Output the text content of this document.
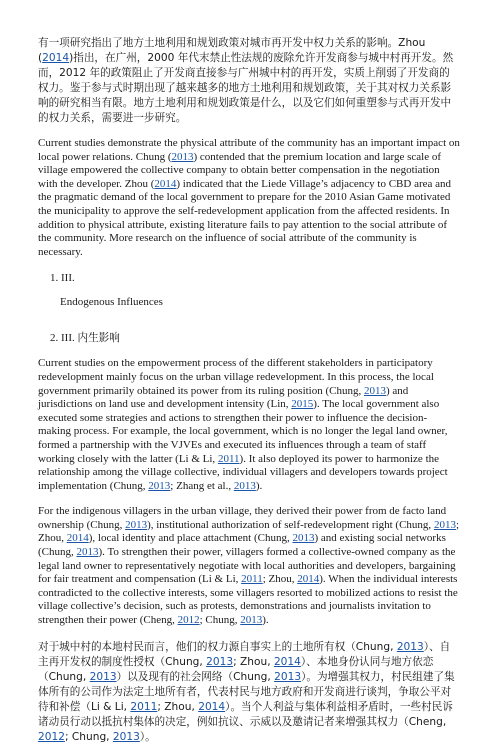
有一项研究指出了地方土地利用和规划政策对城市再开发中权力关系的影响。Zhou (2014)指出，在广州，2000 年代末禁止性法规的废除允许开发商参与城中村再开发。然而，2012 年的政策阻止了开发商直接参与广州城中村的再开发，实质上削弱了开发商的权力。鉴于参与式时期出现了越来越多的地方土地利用和规划政策，关于其对权力关系影响的研究相当有限。地方土地利用和规划政策是什么，以及它们如何重塑参与式再开发中的权力关系，需要进一步研究。

Current studies demonstrate the physical attribute of the community has an important impact on local power relations. Chung (2013) contended that the premium location and large scale of village empowered the collective company to obtain better compensation in the negotiation with the developer. Zhou (2014) indicated that the Liede Village’s adjacency to CBD area and the pragmatic demand of the local government to prepare for the 2010 Asian Game motivated the municipality to approve the self-redevelopment application from the affected residents. In addition to physical attribute, existing literature fails to pay attention to the social attribute of the community. More research on the influence of social attribute of the community is necessary.

1. III.
Endogenous Influences
2. III. 内生影响

Current studies on the empowerment process of the different stakeholders in participatory redevelopment mainly focus on the urban village redevelopment. In this process, the local government primarily obtained its power from its ruling position (Chung, 2013) and jurisdictions on land use and development intensity (Lin, 2015). The local government also executed some strategies and actions to strengthen their power to influence the decision-making process. For example, the local government, which is no longer the legal land owner, formed a partnership with the VJVEs and executed its influences through a team of staff working closely with the latter (Li & Li, 2011). It also deployed its power to harmonize the relationship among the village collective, individual villagers and developers towards project implementation (Chung, 2013; Zhang et al., 2013).

For the indigenous villagers in the urban village, they derived their power from de facto land ownership (Chung, 2013), institutional authorization of self-redevelopment right (Chung, 2013; Zhou, 2014), local identity and place attachment (Chung, 2013) and existing social networks (Chung, 2013). To strengthen their power, villagers formed a collective-owned company as the legal land owner to representatively negotiate with local authorities and developers, bargaining for fair treatment and compensation (Li & Li, 2011; Zhou, 2014). When the individual interests contradicted to the collective interests, some villagers resorted to mobilized actions to resist the village collective’s decision, such as protests, demonstrations and journalists invitation to strengthen their power (Cheng, 2012; Chung, 2013).

对于城中村的本地村民而言，他们的权力源自事实上的土地所有权（Chung, 2013）、自主再开发权的制度性授权（Chung, 2013; Zhou, 2014）、本地身份认同与地方依恋（Chung, 2013）以及现有的社会网络（Chung, 2013）。为增强其权力，村民组建了集体所有的公司作为法定土地所有者，代表村民与地方政府和开发商进行谈判，争取公平对待和补偿（Li & Li, 2011; Zhou, 2014）。当个人利益与集体利益相矛盾时，一些村民诉诸动员行动以抵抗村集体的决定，例如抗议、示威以及邀请记者来增强其权力（Cheng, 2012; Chung, 2013）。
